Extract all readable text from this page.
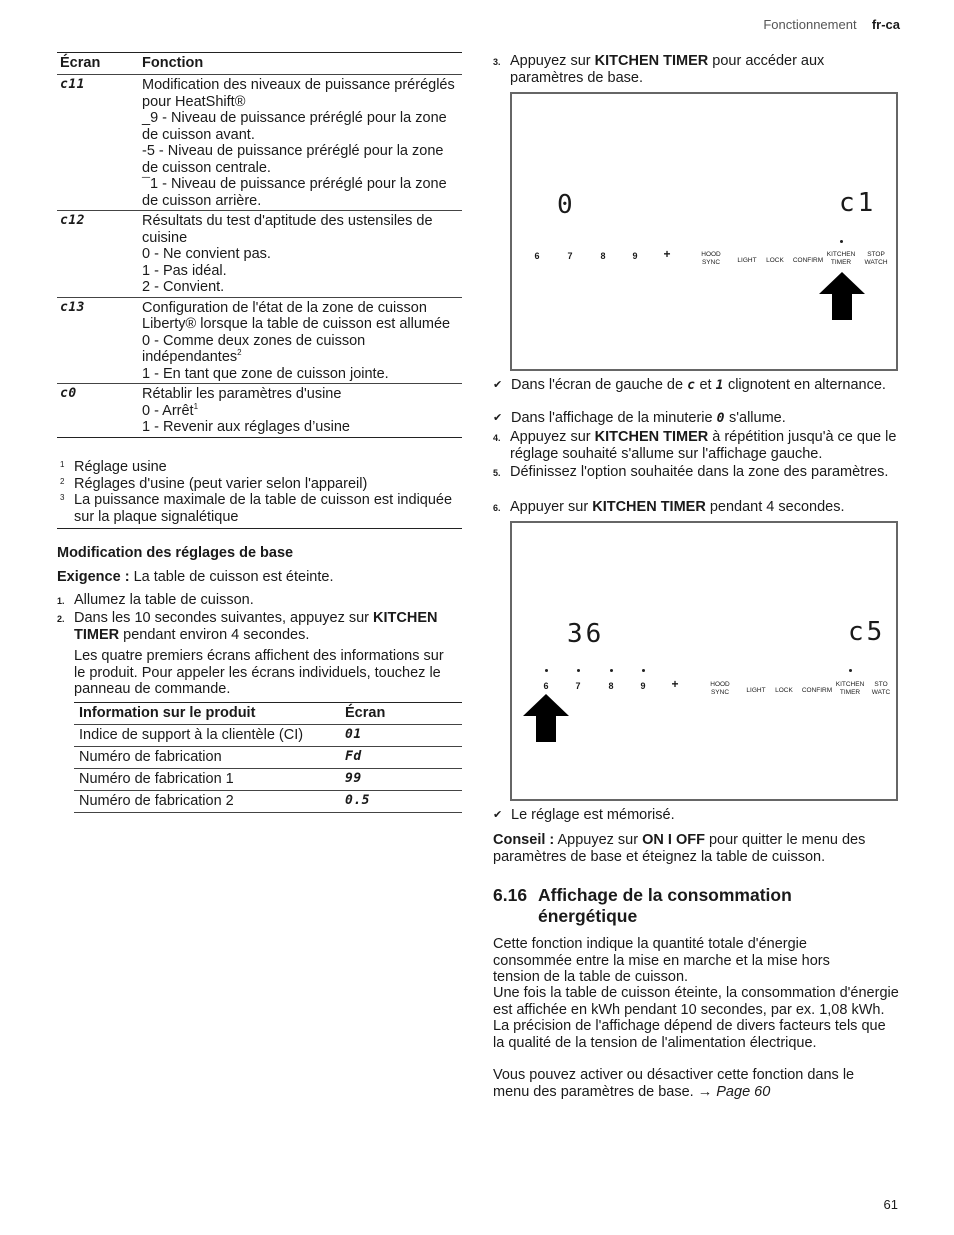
Fonctionnement fr-ca
Écran	Fonction
c11	Modification des niveaux de puissance préréglés pour HeatShift®
_9 - Niveau de puissance préréglé pour la zone de cuisson avant.
-5 - Niveau de puissance préréglé pour la zone de cuisson centrale.
¯1 - Niveau de puissance préréglé pour la zone de cuisson arrière.
c12	Résultats du test d'aptitude des ustensiles de cuisine
0 - Ne convient pas.
1 - Pas idéal.
2 - Convient.
c13	Configuration de l'état de la zone de cuisson Liberty® lorsque la table de cuisson est allumée
0 - Comme deux zones de cuisson indépendantes$^2$
1 - En tant que zone de cuisson jointe.
c0	Rétablir les paramètres d'usine
0 - Arrêt$^1$
1 - Revenir aux réglages d’usine
1 Réglage usine
2 Réglages d'usine (peut varier selon l'appareil)
3 La puissance maximale de la table de cuisson est indiquée sur la plaque signalétique
Modification des réglages de base
Exigence : La table de cuisson est éteinte.
1. Allumez la table de cuisson.
2. Dans les 10 secondes suivantes, appuyez sur KITCHEN TIMER pendant environ 4 secondes.
Les quatre premiers écrans affichent des informations sur le produit. Pour appeler les écrans individuels, touchez le panneau de commande.
Information sur le produit	Écran
Indice de support à la clientèle (CI)	01
Numéro de fabrication	Fd
Numéro de fabrication 1	99
Numéro de fabrication 2	0.5
3. Appuyez sur KITCHEN TIMER pour accéder aux paramètres de base.
0	c1
6	7	8	9 +	HOOD SYNC	LIGHT	LOCK	CONFIRM
KITCHEN TIMER
STOP WATCH
✔ Dans l'écran de gauche de c et 1 clignotent en alternance.
✔ Dans l'affichage de la minuterie 0 s'allume.
4. Appuyez sur KITCHEN TIMER à répétition jusqu'à ce que le réglage souhaité s'allume sur l'affichage gauche.
5. Définissez l'option souhaitée dans la zone des paramètres.
6. Appuyer sur KITCHEN TIMER pendant 4 secondes.
36	c5
6	7	8	9 +	HOOD SYNC	LIGHT	LOCK	CONFIRM
KITCHEN TIMER
STO WATC
✔ Le réglage est mémorisé.
Conseil : Appuyez sur ON I OFF pour quitter le menu des paramètres de base et éteignez la table de cuisson.
6.16 Affichage de la consommation énergétique
Cette fonction indique la quantité totale d'énergie consommée entre la mise en marche et la mise hors tension de la table de cuisson.
Une fois la table de cuisson éteinte, la consommation d'énergie est affichée en kWh pendant 10 secondes, par ex. 1,08 kWh. La précision de l'affichage dépend de divers facteurs tels que la qualité de la tension de l'alimentation électrique.
Vous pouvez activer ou désactiver cette fonction dans le menu des paramètres de base. → Page 60
61
